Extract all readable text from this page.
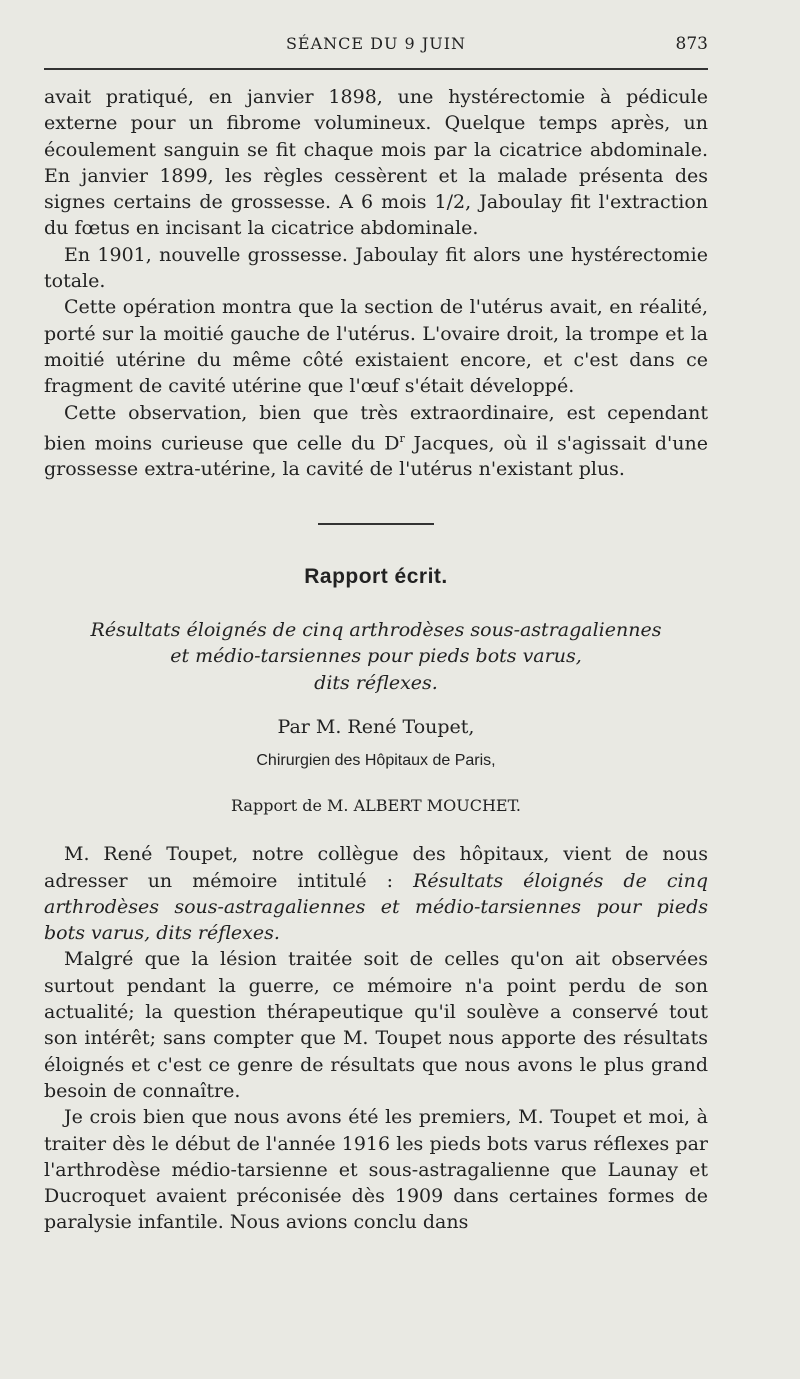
SÉANCE DU 9 JUIN	873

avait pratiqué, en janvier 1898, une hystérectomie à pédicule externe pour un fibrome volumineux. Quelque temps après, un écoulement sanguin se fit chaque mois par la cicatrice abdominale. En janvier 1899, les règles cessèrent et la malade présenta des signes certains de grossesse. A 6 mois 1/2, Jaboulay fit l'extraction du fœtus en incisant la cicatrice abdominale.

En 1901, nouvelle grossesse. Jaboulay fit alors une hystérectomie totale.

Cette opération montra que la section de l'utérus avait, en réalité, porté sur la moitié gauche de l'utérus. L'ovaire droit, la trompe et la moitié utérine du même côté existaient encore, et c'est dans ce fragment de cavité utérine que l'œuf s'était développé.

Cette observation, bien que très extraordinaire, est cependant bien moins curieuse que celle du $D^r$ Jacques, où il s'agissait d'une grossesse extra-utérine, la cavité de l'utérus n'existant plus.

Rapport écrit.
Résultats éloignés de cinq arthrodèses sous-astragaliennes
et médio-tarsiennes pour pieds bots varus,
dits réflexes.
Par M. René Toupet,
Chirurgien des Hôpitaux de Paris,
Rapport de M. ALBERT MOUCHET.

M. René Toupet, notre collègue des hôpitaux, vient de nous adresser un mémoire intitulé : Résultats éloignés de cinq arthrodèses sous-astragaliennes et médio-tarsiennes pour pieds bots varus, dits réflexes.

Malgré que la lésion traitée soit de celles qu'on ait observées surtout pendant la guerre, ce mémoire n'a point perdu de son actualité; la question thérapeutique qu'il soulève a conservé tout son intérêt; sans compter que M. Toupet nous apporte des résultats éloignés et c'est ce genre de résultats que nous avons le plus grand besoin de connaître.

Je crois bien que nous avons été les premiers, M. Toupet et moi, à traiter dès le début de l'année 1916 les pieds bots varus réflexes par l'arthrodèse médio-tarsienne et sous-astragalienne que Launay et Ducroquet avaient préconisée dès 1909 dans certaines formes de paralysie infantile. Nous avions conclu dans
